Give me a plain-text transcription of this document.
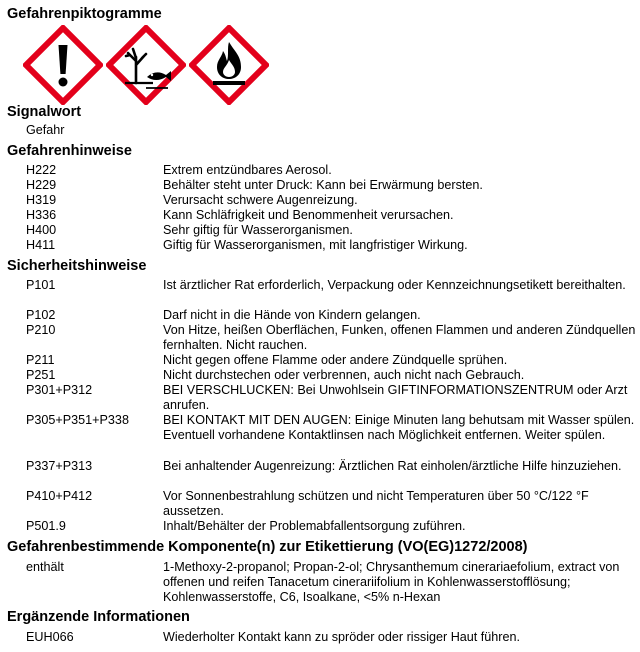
Gefahrenpiktogramme
Signalwort
Gefahr
Gefahrenhinweise
H222	Extrem entzündbares Aerosol.
H229	Behälter steht unter Druck: Kann bei Erwärmung bersten.
H319	Verursacht schwere Augenreizung.
H336	Kann Schläfrigkeit und Benommenheit verursachen.
H400	Sehr giftig für Wasserorganismen.
H411	Giftig für Wasserorganismen, mit langfristiger Wirkung.
Sicherheitshinweise
P101	Ist ärztlicher Rat erforderlich, Verpackung oder Kennzeichnungsetikett bereithalten.
P102	Darf nicht in die Hände von Kindern gelangen.
P210	Von Hitze, heißen Oberflächen, Funken, offenen Flammen und anderen Zündquellen fernhalten. Nicht rauchen.
P211	Nicht gegen offene Flamme oder andere Zündquelle sprühen.
P251	Nicht durchstechen oder verbrennen, auch nicht nach Gebrauch.
P301+P312	BEI VERSCHLUCKEN: Bei Unwohlsein GIFTINFORMATIONSZENTRUM oder Arzt anrufen.
P305+P351+P338	BEI KONTAKT MIT DEN AUGEN: Einige Minuten lang behutsam mit Wasser spülen. Eventuell vorhandene Kontaktlinsen nach Möglichkeit entfernen. Weiter spülen.
P337+P313	Bei anhaltender Augenreizung: Ärztlichen Rat einholen/ärztliche Hilfe hinzuziehen.
P410+P412	Vor Sonnenbestrahlung schützen und nicht Temperaturen über 50 °C/122 °F aussetzen.
P501.9	Inhalt/Behälter der Problemabfallentsorgung zuführen.
Gefahrenbestimmende Komponente(n) zur Etikettierung (VO(EG)1272/2008)
enthält	1-Methoxy-2-propanol; Propan-2-ol; Chrysanthemum cinerariaefolium, extract von offenen und reifen Tanacetum cinerariifolium in Kohlenwasserstofflösung; Kohlenwasserstoffe, C6, Isoalkane, <5% n-Hexan
Ergänzende Informationen
EUH066	Wiederholter Kontakt kann zu spröder oder rissiger Haut führen.
